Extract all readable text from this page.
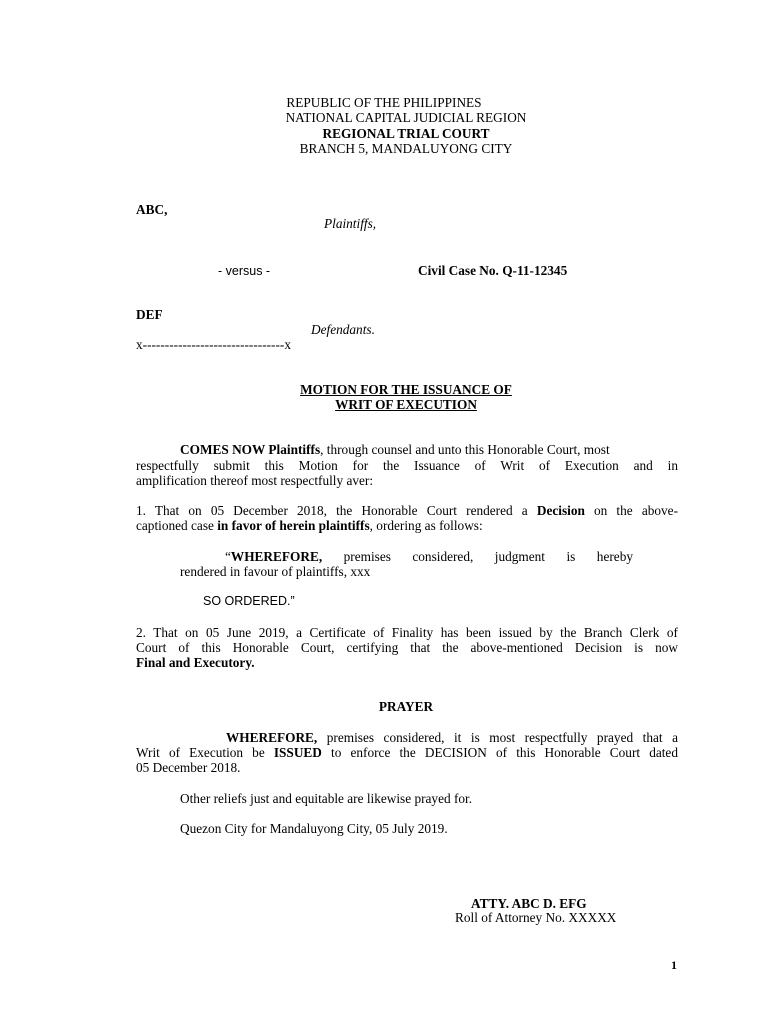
REPUBLIC OF THE PHILIPPINES
NATIONAL CAPITAL JUDICIAL REGION
REGIONAL TRIAL COURT
BRANCH 5, MANDALUYONG CITY
ABC,
Plaintiffs,
- versus -	Civil Case No. Q-11-12345
DEF
Defendants.
x--------------------------------x
MOTION FOR THE ISSUANCE OF
WRIT OF EXECUTION
COMES NOW Plaintiffs, through counsel and unto this Honorable Court, most
respectfully submit this Motion for the Issuance of Writ of Execution and in
amplification thereof most respectfully aver:
1. That on 05 December 2018, the Honorable Court rendered a Decision on the above-
captioned case in favor of herein plaintiffs, ordering as follows:
“WHEREFORE, premises considered, judgment is hereby
rendered in favour of plaintiffs, xxx
SO ORDERED.”
2. That on 05 June 2019, a Certificate of Finality has been issued by the Branch Clerk of
Court of this Honorable Court, certifying that the above-mentioned Decision is now
Final and Executory.
PRAYER
WHEREFORE, premises considered, it is most respectfully prayed that a
Writ of Execution be ISSUED to enforce the DECISION of this Honorable Court dated
05 December 2018.
Other reliefs just and equitable are likewise prayed for.
Quezon City for Mandaluyong City, 05 July 2019.
ATTY. ABC D. EFG
Roll of Attorney No. XXXXX
1
